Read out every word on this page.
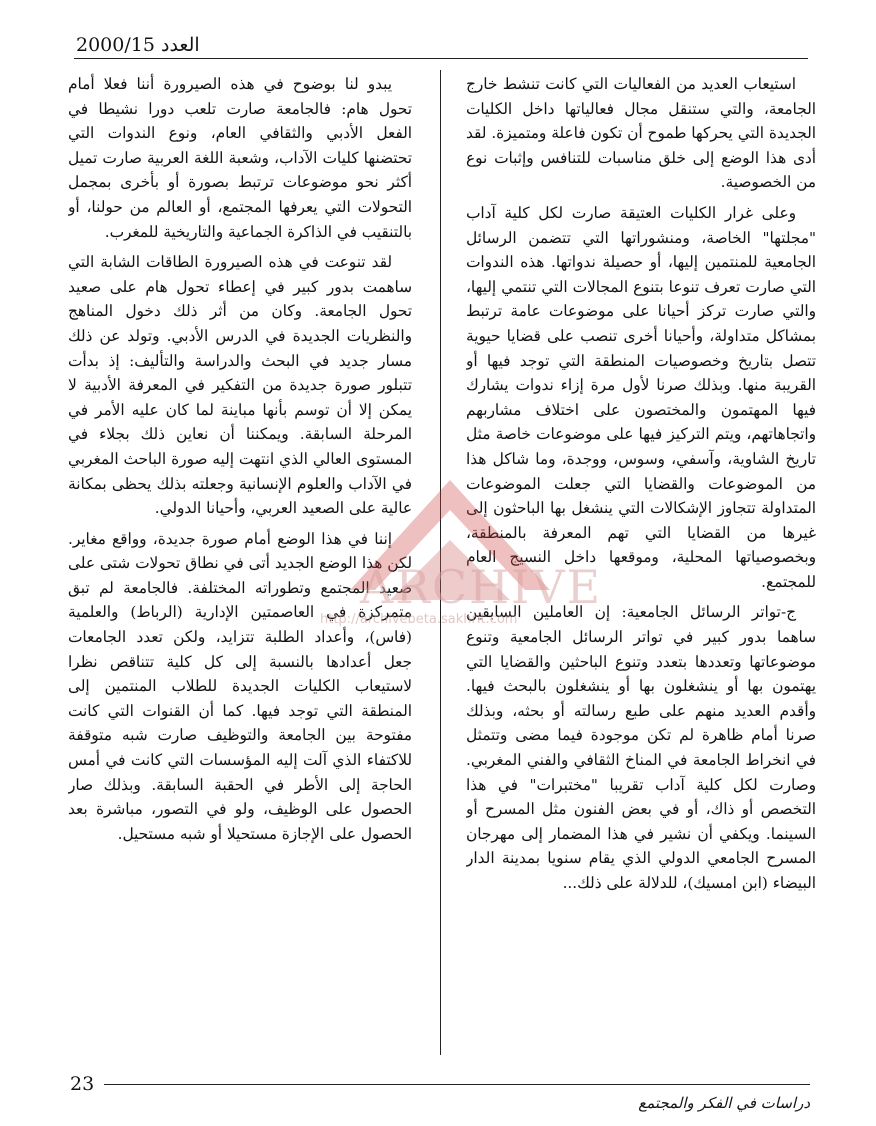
العدد 2000/15

استيعاب العديد من الفعاليات التي كانت تنشط خارج الجامعة، والتي ستنقل مجال فعالياتها داخل الكليات الجديدة التي يحركها طموح أن تكون فاعلة ومتميزة. لقد أدى هذا الوضع إلى خلق مناسبات للتنافس وإثبات نوع من الخصوصية.

وعلى غرار الكليات العتيقة صارت لكل كلية آداب "مجلتها" الخاصة، ومنشوراتها التي تتضمن الرسائل الجامعية للمنتمين إليها، أو حصيلة ندواتها. هذه الندوات التي صارت تعرف تنوعا بتنوع المجالات التي تنتمي إليها، والتي صارت تركز أحيانا على موضوعات عامة ترتبط بمشاكل متداولة، وأحيانا أخرى تنصب على قضايا حيوية تتصل بتاريخ وخصوصيات المنطقة التي توجد فيها أو القريبة منها. وبذلك صرنا لأول مرة إزاء ندوات يشارك فيها المهتمون والمختصون على اختلاف مشاربهم واتجاهاتهم، ويتم التركيز فيها على موضوعات خاصة مثل تاريخ الشاوية، وآسفي، وسوس، ووجدة، وما شاكل هذا من الموضوعات والقضايا التي جعلت الموضوعات المتداولة تتجاوز الإشكالات التي ينشغل بها الباحثون إلى غيرها من القضايا التي تهم المعرفة بالمنطقة، وبخصوصياتها المحلية، وموقعها داخل النسيج العام للمجتمع.

ج-تواتر الرسائل الجامعية: إن العاملين السابقين ساهما بدور كبير في تواتر الرسائل الجامعية وتنوع موضوعاتها وتعددها بتعدد وتنوع الباحثين والقضايا التي يهتمون بها أو ينشغلون بها أو ينشغلون بالبحث فيها. وأقدم العديد منهم على طبع رسالته أو بحثه، وبذلك صرنا أمام ظاهرة لم تكن موجودة فيما مضى وتتمثل في انخراط الجامعة في المناخ الثقافي والفني المغربي. وصارت لكل كلية آداب تقريبا "مختبرات" في هذا التخصص أو ذاك، أو في بعض الفنون مثل المسرح أو السينما. ويكفي أن نشير في هذا المضمار إلى مهرجان المسرح الجامعي الدولي الذي يقام سنويا بمدينة الدار البيضاء (ابن امسيك)، للدلالة على ذلك...

يبدو لنا بوضوح في هذه الصيرورة أننا فعلا أمام تحول هام: فالجامعة صارت تلعب دورا نشيطا في الفعل الأدبي والثقافي العام، ونوع الندوات التي تحتضنها كليات الآداب، وشعبة اللغة العربية صارت تميل أكثر نحو موضوعات ترتبط بصورة أو بأخرى بمجمل التحولات التي يعرفها المجتمع، أو العالم من حولنا، أو بالتنقيب في الذاكرة الجماعية والتاريخية للمغرب.

لقد تنوعت في هذه الصيرورة الطاقات الشابة التي ساهمت بدور كبير في إعطاء تحول هام على صعيد تحول الجامعة. وكان من أثر ذلك دخول المناهج والنظريات الجديدة في الدرس الأدبي. وتولد عن ذلك مسار جديد في البحث والدراسة والتأليف: إذ بدأت تتبلور صورة جديدة من التفكير في المعرفة الأدبية لا يمكن إلا أن توسم بأنها مباينة لما كان عليه الأمر في المرحلة السابقة. ويمكننا أن نعاين ذلك بجلاء في المستوى العالي الذي انتهت إليه صورة الباحث المغربي في الآداب والعلوم الإنسانية وجعلته بذلك يحظى بمكانة عالية على الصعيد العربي، وأحيانا الدولي.

إننا في هذا الوضع أمام صورة جديدة، وواقع مغاير. لكن هذا الوضع الجديد أتى في نطاق تحولات شتى على صعيد المجتمع وتطوراته المختلفة. فالجامعة لم تبق متمركزة في العاصمتين الإدارية (الرباط) والعلمية (فاس)، وأعداد الطلبة تتزايد، ولكن تعدد الجامعات جعل أعدادها بالنسبة إلى كل كلية تتناقص نظرا لاستيعاب الكليات الجديدة للطلاب المنتمين إلى المنطقة التي توجد فيها. كما أن القنوات التي كانت مفتوحة بين الجامعة والتوظيف صارت شبه متوقفة للاكتفاء الذي آلت إليه المؤسسات التي كانت في أمس الحاجة إلى الأطر في الحقبة السابقة. وبذلك صار الحصول على الوظيف، ولو في التصور، مباشرة بعد الحصول على الإجازة مستحيلا أو شبه مستحيل.

ARCHIVE
http://archivebeta.sakhrit.com
23
دراسات في الفكر والمجتمع
